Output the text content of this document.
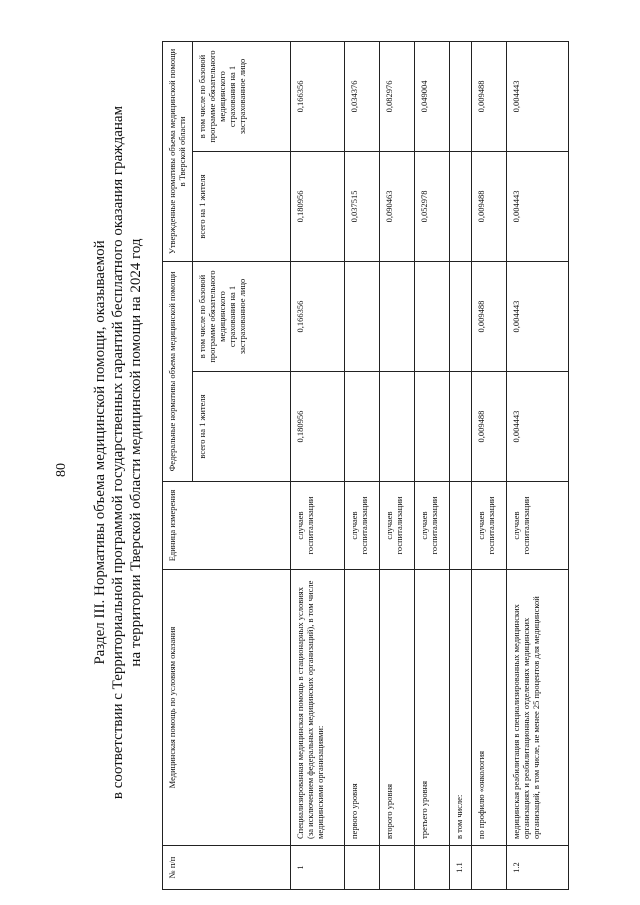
80 Раздел III. Нормативы объема медицинской помощи, оказываемой в соответствии с Территориальной программой государственных гарантий бесплатного оказания гражданам на территории Тверской области медицинской помощи на 2024 год
№ п/п	Медицинская помощь по условиям оказания	Единица измерения	Федеральные нормативы объема медицинской помощи		Утвержденные нормативы объема медицинской помощи в Тверской области	
			всего на 1 жителя	в том числе по базовой программе обязательного медицинского страхования на 1 застрахованное лицо	всего на 1 жителя	в том числе по базовой программе обязательного медицинского страхования на 1 застрахованное лицо
1	Специализированная медицинская помощь в стационарных условиях (за исключением федеральных медицинских организаций), в том числе медицинскими организациями:	случаев госпитализации	0,180956	0,166356	0,180956	0,166356
	первого уровня	случаев госпитализации			0,037515	0,034376
	второго уровня	случаев госпитализации			0,090463	0,082976
	третьего уровня	случаев госпитализации			0,052978	0,049004
1.1	в том числе:					
	по профилю «онкология	случаев госпитализации	0,009488	0,009488	0,009488	0,009488
1.2	медицинская реабилитация в специализированных медицинских организациях и реабилитационных отделениях медицинских организаций, в том числе, не менее 25 процентов для медицинской	случаев госпитализации	0,004443	0,004443	0,004443	0,004443
